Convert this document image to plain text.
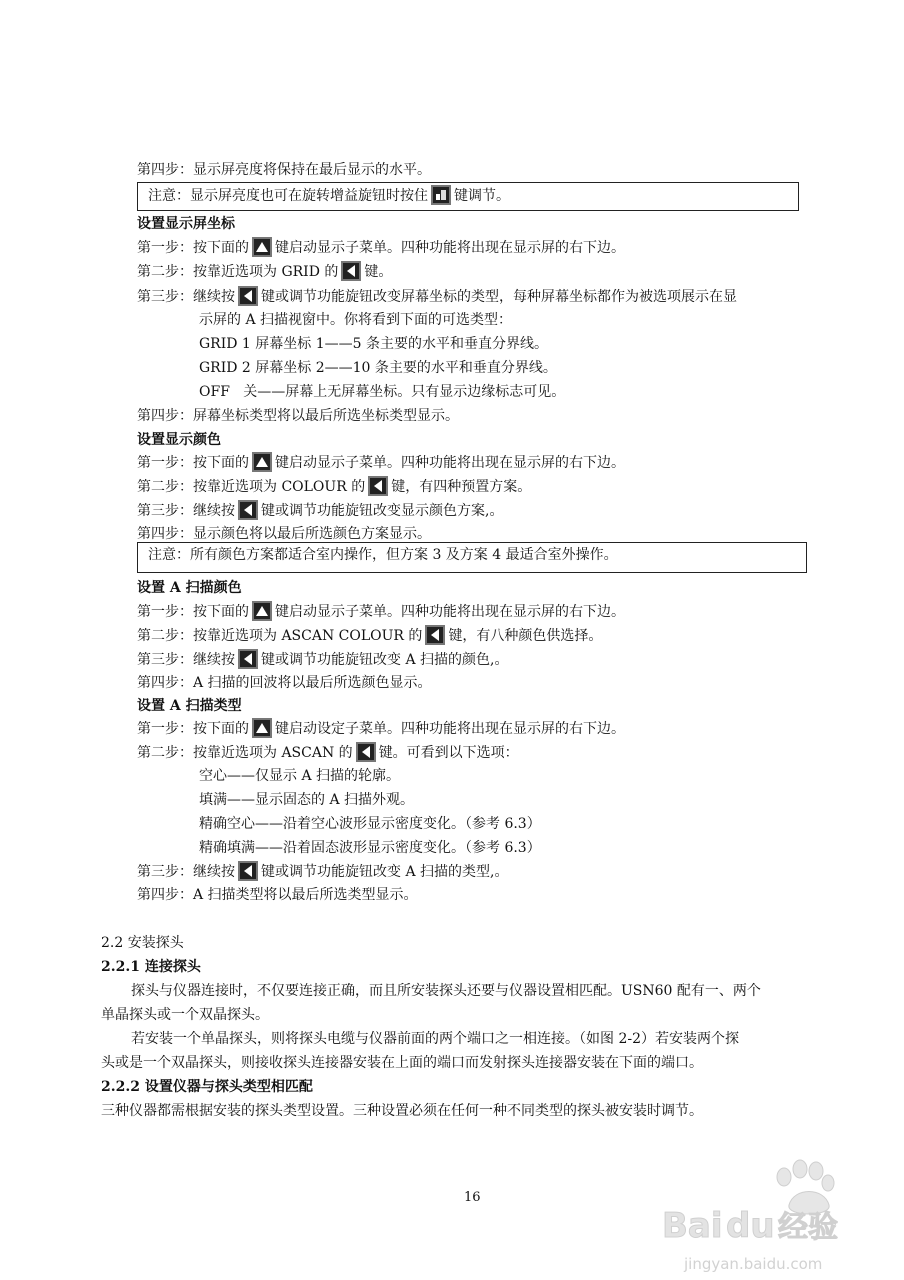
第四步：显示屏亮度将保持在最后显示的水平。
注意：显示屏亮度也可在旋转增益旋钮时按住 键调节。
设置显示屏坐标
第一步：按下面的 键启动显示子菜单。四种功能将出现在显示屏的右下边。
第二步：按靠近选项为 GRID 的 键。
第三步：继续按 键或调节功能旋钮改变屏幕坐标的类型，每种屏幕坐标都作为被选项展示在显
示屏的 A 扫描视窗中。你将看到下面的可选类型：
GRID 1 屏幕坐标 1——5 条主要的水平和垂直分界线。
GRID 2 屏幕坐标 2——10 条主要的水平和垂直分界线。
OFF   关——屏幕上无屏幕坐标。只有显示边缘标志可见。
第四步：屏幕坐标类型将以最后所选坐标类型显示。
设置显示颜色
第一步：按下面的 键启动显示子菜单。四种功能将出现在显示屏的右下边。
第二步：按靠近选项为 COLOUR 的 键，有四种预置方案。
第三步：继续按 键或调节功能旋钮改变显示颜色方案,。
第四步：显示颜色将以最后所选颜色方案显示。
注意：所有颜色方案都适合室内操作，但方案 3 及方案 4 最适合室外操作。
设置 A 扫描颜色
第一步：按下面的 键启动显示子菜单。四种功能将出现在显示屏的右下边。
第二步：按靠近选项为 ASCAN COLOUR 的 键，有八种颜色供选择。
第三步：继续按 键或调节功能旋钮改变 A 扫描的颜色,。
第四步：A 扫描的回波将以最后所选颜色显示。
设置 A 扫描类型
第一步：按下面的 键启动设定子菜单。四种功能将出现在显示屏的右下边。
第二步：按靠近选项为 ASCAN 的 键。可看到以下选项：
空心——仅显示 A 扫描的轮廓。
填满——显示固态的 A 扫描外观。
精确空心——沿着空心波形显示密度变化。（参考 6.3）
精确填满——沿着固态波形显示密度变化。（参考 6.3）
第三步：继续按 键或调节功能旋钮改变 A 扫描的类型,。
第四步：A 扫描类型将以最后所选类型显示。
2.2 安装探头
2.2.1 连接探头
探头与仪器连接时，不仅要连接正确，而且所安装探头还要与仪器设置相匹配。USN60 配有一、两个
单晶探头或一个双晶探头。
若安装一个单晶探头，则将探头电缆与仪器前面的两个端口之一相连接。（如图 2-2）若安装两个探
头或是一个双晶探头，则接收探头连接器安装在上面的端口而发射探头连接器安装在下面的端口。
2.2.2 设置仪器与探头类型相匹配
三种仪器都需根据安装的探头类型设置。三种设置必须在任何一种不同类型的探头被安装时调节。
16
Bai du 经验
jingyan.baidu.com
